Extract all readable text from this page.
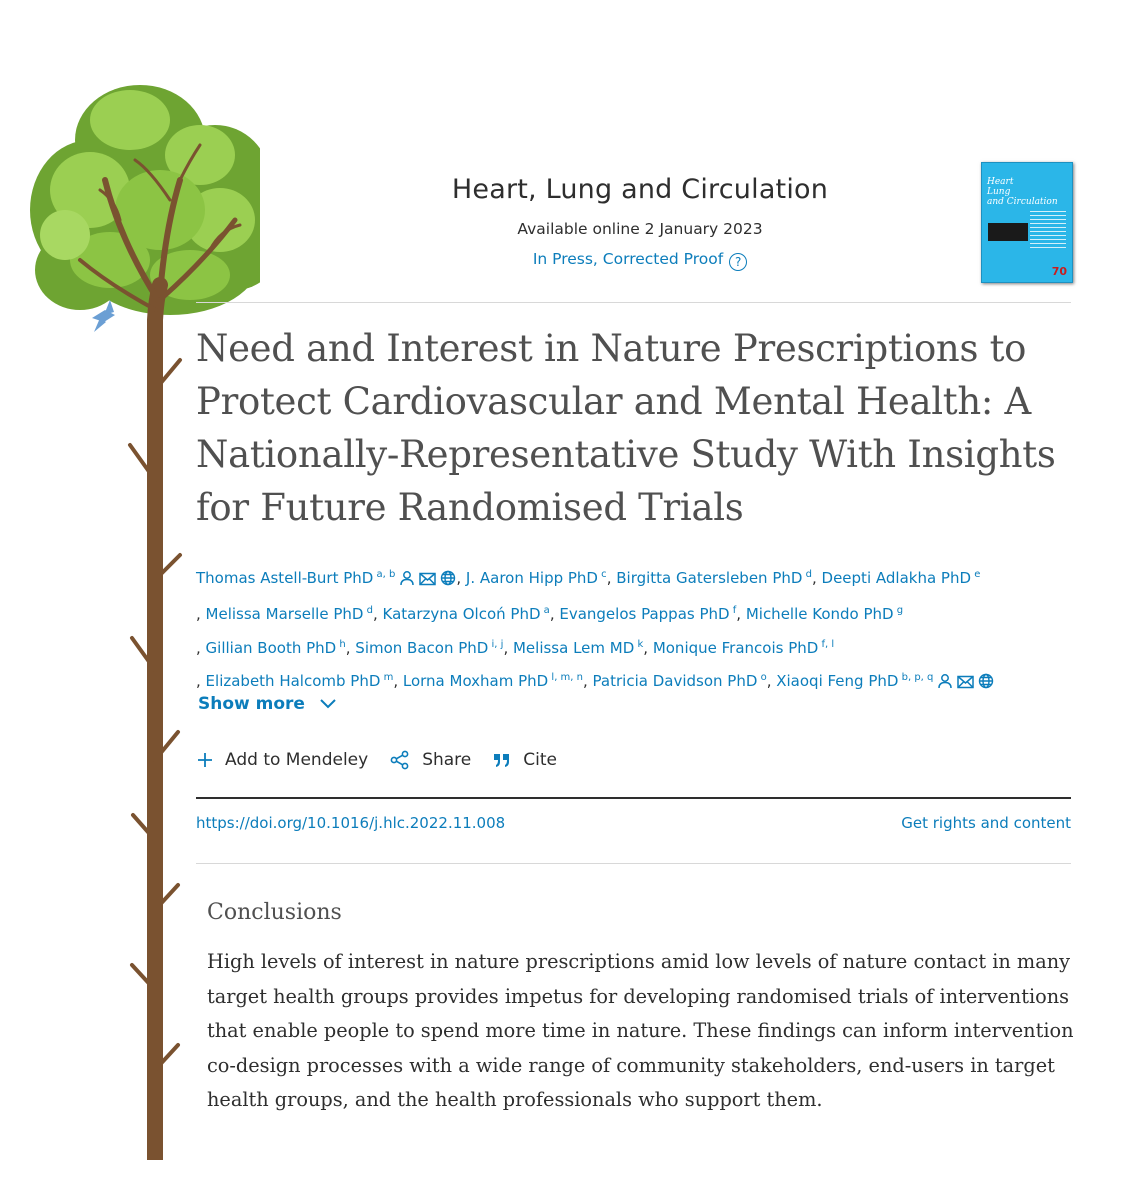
Heart, Lung and Circulation
Available online 2 January 2023
In Press, Corrected Proof ?
Heart
Lung
and Circulation
70
Need and Interest in Nature Prescriptions to Protect Cardiovascular and Mental Health: A Nationally-Representative Study With Insights for Future Randomised Trials
Thomas Astell-Burt PhD $^{a, b}$	, J. Aaron Hipp PhD $^c$, Birgitta Gatersleben PhD $^d$, Deepti Adlakha PhD $^e$
, Melissa Marselle PhD $^d$, Katarzyna Olcoń PhD $^a$, Evangelos Pappas PhD $^f$, Michelle Kondo PhD $^g$
, Gillian Booth PhD $^h$, Simon Bacon PhD $^{i, j}$, Melissa Lem MD $^k$, Monique Francois PhD $^{f, l}$
, Elizabeth Halcomb PhD $^m$, Lorna Moxham PhD $^{l, m, n}$, Patricia Davidson PhD $^o$, Xiaoqi Feng PhD $^{b, p, q}$
Show more
Add to Mendeley	Share	Cite
https://doi.org/10.1016/j.hlc.2022.11.008	Get rights and content
Conclusions

High levels of interest in nature prescriptions amid low levels of nature contact in many target health groups provides impetus for developing randomised trials of interventions that enable people to spend more time in nature. These findings can inform intervention co-design processes with a wide range of community stakeholders, end-users in target health groups, and the health professionals who support them.
